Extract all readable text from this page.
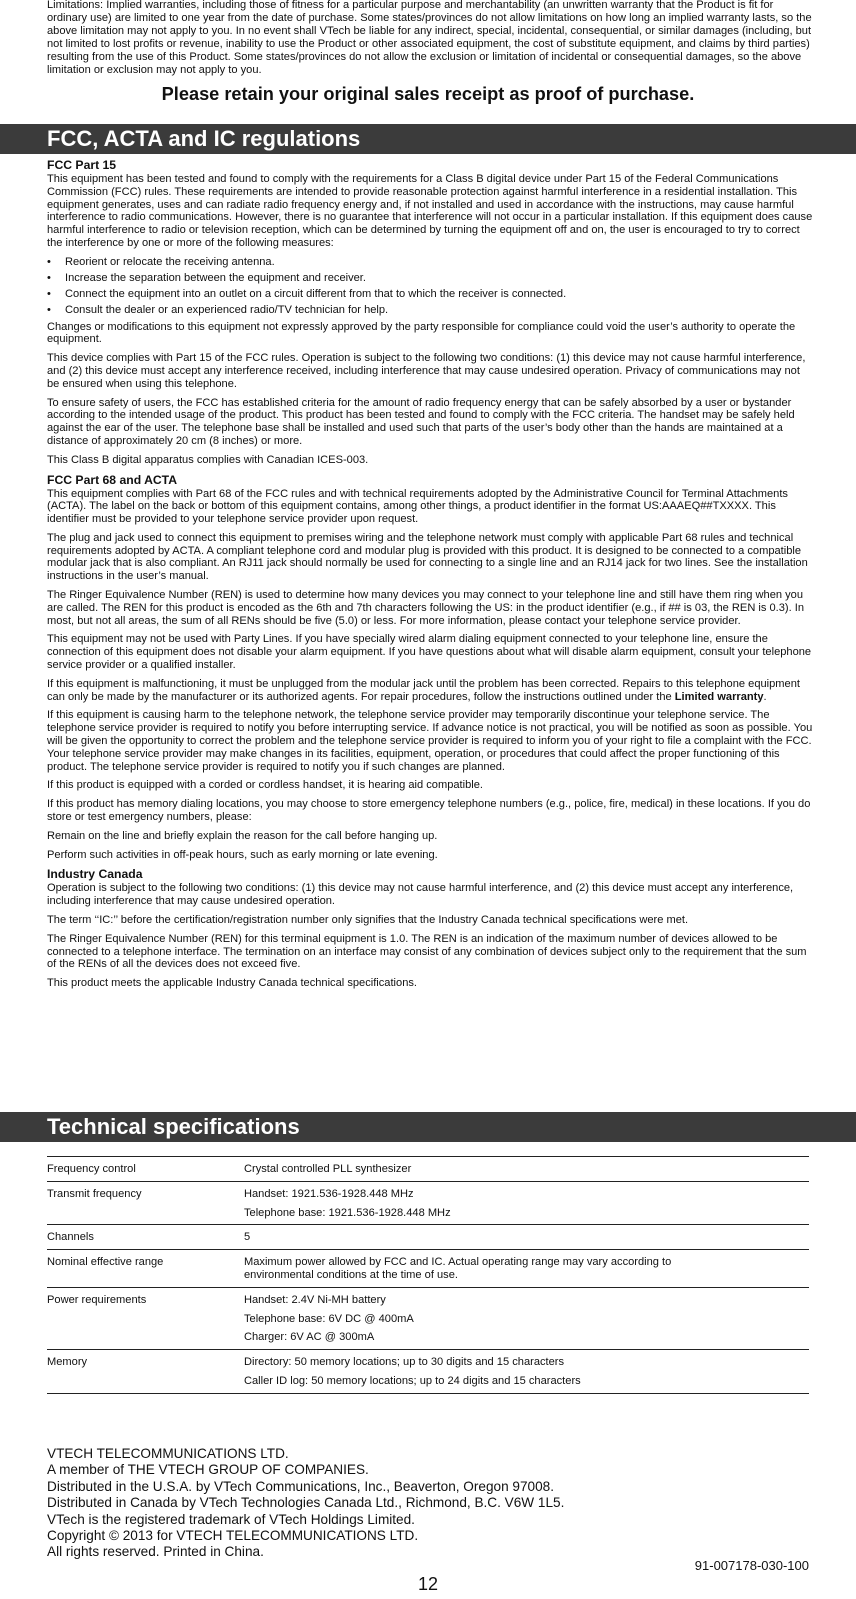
Limitations: Implied warranties, including those of fitness for a particular purpose and merchantability (an unwritten warranty that the Product is fit for ordinary use) are limited to one year from the date of purchase. Some states/provinces do not allow limitations on how long an implied warranty lasts, so the above limitation may not apply to you. In no event shall VTech be liable for any indirect, special, incidental, consequential, or similar damages (including, but not limited to lost profits or revenue, inability to use the Product or other associated equipment, the cost of substitute equipment, and claims by third parties) resulting from the use of this Product. Some states/provinces do not allow the exclusion or limitation of incidental or consequential damages, so the above limitation or exclusion may not apply to you.

Please retain your original sales receipt as proof of purchase.

FCC, ACTA and IC regulations
FCC Part 15

This equipment has been tested and found to comply with the requirements for a Class B digital device under Part 15 of the Federal Communications Commission (FCC) rules. These requirements are intended to provide reasonable protection against harmful interference in a residential installation. This equipment generates, uses and can radiate radio frequency energy and, if not installed and used in accordance with the instructions, may cause harmful interference to radio communications. However, there is no guarantee that interference will not occur in a particular installation. If this equipment does cause harmful interference to radio or television reception, which can be determined by turning the equipment off and on, the user is encouraged to try to correct the interference by one or more of the following measures:

• Reorient or relocate the receiving antenna.
• Increase the separation between the equipment and receiver.
• Connect the equipment into an outlet on a circuit different from that to which the receiver is connected.
• Consult the dealer or an experienced radio/TV technician for help.

Changes or modifications to this equipment not expressly approved by the party responsible for compliance could void the user’s authority to operate the equipment.

This device complies with Part 15 of the FCC rules. Operation is subject to the following two conditions: (1) this device may not cause harmful interference, and (2) this device must accept any interference received, including interference that may cause undesired operation. Privacy of communications may not be ensured when using this telephone.

To ensure safety of users, the FCC has established criteria for the amount of radio frequency energy that can be safely absorbed by a user or bystander according to the intended usage of the product. This product has been tested and found to comply with the FCC criteria. The handset may be safely held against the ear of the user. The telephone base shall be installed and used such that parts of the user’s body other than the hands are maintained at a distance of approximately 20 cm (8 inches) or more.

This Class B digital apparatus complies with Canadian ICES-003.

FCC Part 68 and ACTA

This equipment complies with Part 68 of the FCC rules and with technical requirements adopted by the Administrative Council for Terminal Attachments (ACTA). The label on the back or bottom of this equipment contains, among other things, a product identifier in the format US:AAAEQ##TXXXX. This identifier must be provided to your telephone service provider upon request.

The plug and jack used to connect this equipment to premises wiring and the telephone network must comply with applicable Part 68 rules and technical requirements adopted by ACTA. A compliant telephone cord and modular plug is provided with this product. It is designed to be connected to a compatible modular jack that is also compliant. An RJ11 jack should normally be used for connecting to a single line and an RJ14 jack for two lines. See the installation instructions in the user’s manual.

The Ringer Equivalence Number (REN) is used to determine how many devices you may connect to your telephone line and still have them ring when you are called. The REN for this product is encoded as the 6th and 7th characters following the US: in the product identifier (e.g., if ## is 03, the REN is 0.3). In most, but not all areas, the sum of all RENs should be five (5.0) or less. For more information, please contact your telephone service provider.

This equipment may not be used with Party Lines. If you have specially wired alarm dialing equipment connected to your telephone line, ensure the connection of this equipment does not disable your alarm equipment. If you have questions about what will disable alarm equipment, consult your telephone service provider or a qualified installer.

If this equipment is malfunctioning, it must be unplugged from the modular jack until the problem has been corrected. Repairs to this telephone equipment can only be made by the manufacturer or its authorized agents. For repair procedures, follow the instructions outlined under the Limited warranty.

If this equipment is causing harm to the telephone network, the telephone service provider may temporarily discontinue your telephone service. The telephone service provider is required to notify you before interrupting service. If advance notice is not practical, you will be notified as soon as possible. You will be given the opportunity to correct the problem and the telephone service provider is required to inform you of your right to file a complaint with the FCC. Your telephone service provider may make changes in its facilities, equipment, operation, or procedures that could affect the proper functioning of this product. The telephone service provider is required to notify you if such changes are planned.

If this product is equipped with a corded or cordless handset, it is hearing aid compatible.

If this product has memory dialing locations, you may choose to store emergency telephone numbers (e.g., police, fire, medical) in these locations. If you do store or test emergency numbers, please:

Remain on the line and briefly explain the reason for the call before hanging up.

Perform such activities in off-peak hours, such as early morning or late evening.

Industry Canada

Operation is subject to the following two conditions: (1) this device may not cause harmful interference, and (2) this device must accept any interference, including interference that may cause undesired operation.

The term ‘‘IC:’’ before the certification/registration number only signifies that the Industry Canada technical specifications were met.

The Ringer Equivalence Number (REN) for this terminal equipment is 1.0. The REN is an indication of the maximum number of devices allowed to be connected to a telephone interface. The termination on an interface may consist of any combination of devices subject only to the requirement that the sum of the RENs of all the devices does not exceed five.

This product meets the applicable Industry Canada technical specifications.

Technical specifications
Frequency control	Crystal controlled PLL synthesizer

Transmit frequency	Handset: 1921.536-1928.448 MHz
Telephone base: 1921.536-1928.448 MHz

Channels	5

Nominal effective range	Maximum power allowed by FCC and IC. Actual operating range may vary according to environmental conditions at the time of use.

Power requirements	Handset: 2.4V Ni-MH battery
Telephone base: 6V DC @ 400mA
Charger: 6V AC @ 300mA

Memory	Directory: 50 memory locations; up to 30 digits and 15 characters
Caller ID log: 50 memory locations; up to 24 digits and 15 characters
VTECH TELECOMMUNICATIONS LTD.
A member of THE VTECH GROUP OF COMPANIES.
Distributed in the U.S.A. by VTech Communications, Inc., Beaverton, Oregon 97008.
Distributed in Canada by VTech Technologies Canada Ltd., Richmond, B.C. V6W 1L5.
VTech is the registered trademark of VTech Holdings Limited.
Copyright © 2013 for VTECH TELECOMMUNICATIONS LTD.
All rights reserved. Printed in China.
91-007178-030-100
12
